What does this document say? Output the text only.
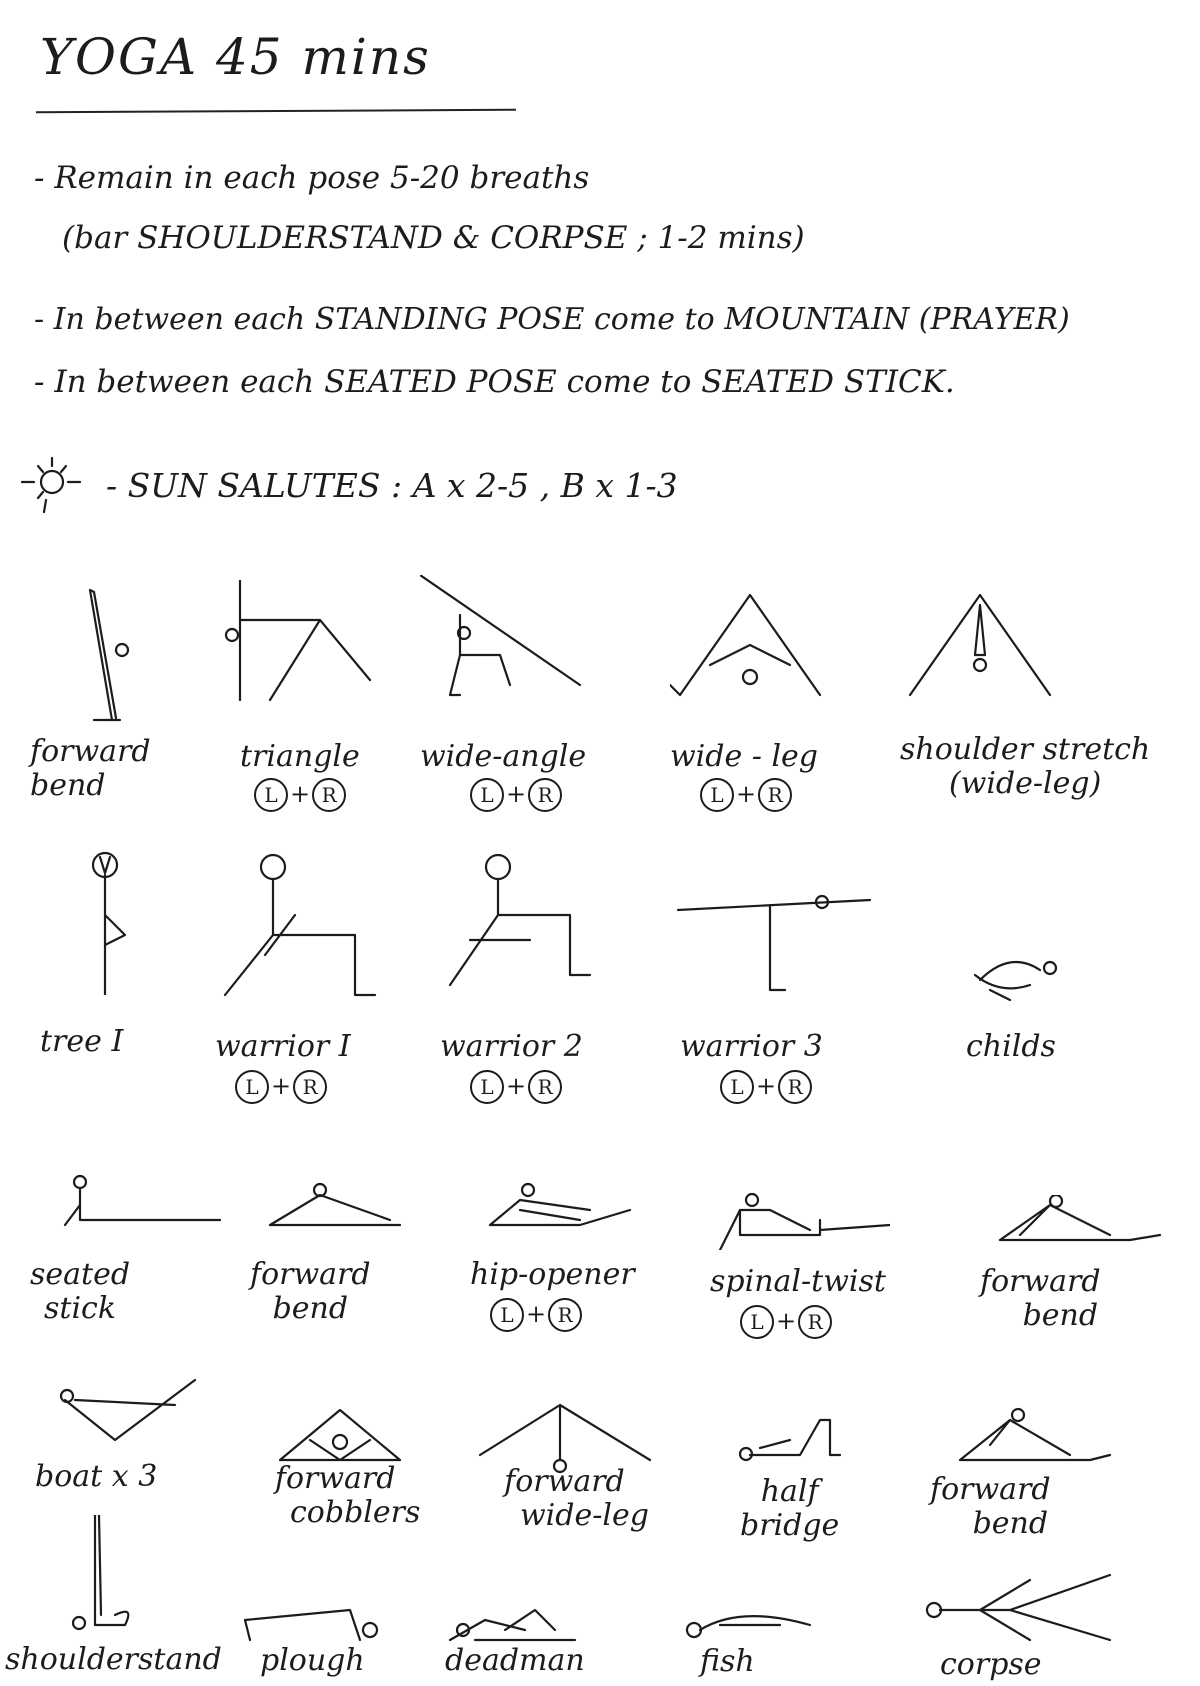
YOGA 45 mins
- Remain in each pose 5-20 breaths
(bar SHOULDERSTAND & CORPSE ; 1-2 mins)
- In between each STANDING POSE come to MOUNTAIN (PRAYER)
- In between each SEATED POSE come to SEATED STICK.
- SUN SALUTES : A x 2-5 , B x 1-3
forward
bend
triangle
L + R
wide-angle
L + R
wide - leg
L + R
shoulder stretch
(wide-leg)
tree I	warrior I
L + R
warrior 2
L + R
warrior 3
L + R
childs
seated
stick
forward
bend
hip-opener
L + R
spinal-twist
L + R
forward
bend
boat x 3	forward
cobblers
forward
wide-leg
half
bridge
forward
bend
shoulderstand plough	deadman	fish	corpse
